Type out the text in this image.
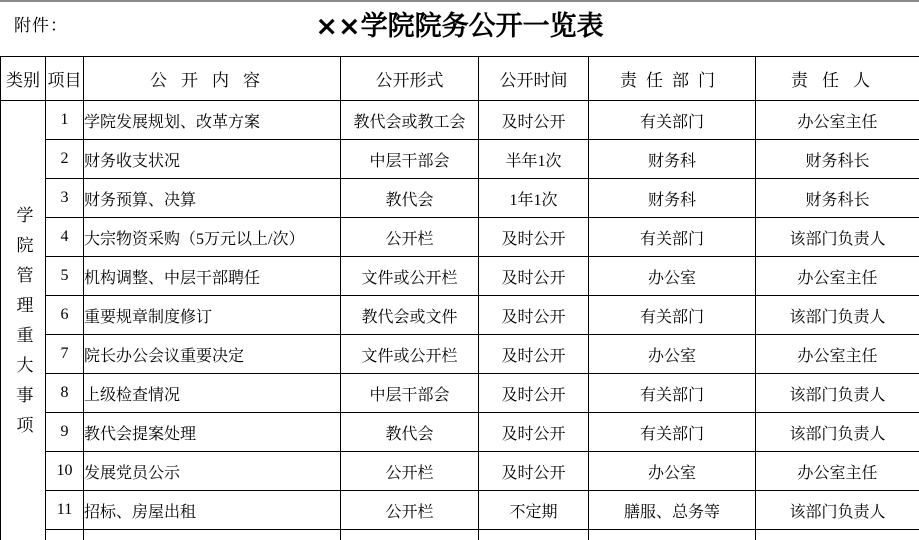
附件：	××学院院务公开一览表
类别	项目	公开内容	公开形式	公开时间	责任部门	责任人

学院管理重大事项	1	学院发展规划、改革方案	教代会或教工会	及时公开	有关部门	办公室主任
	2	财务收支状况	中层干部会	半年1次	财务科	财务科长
	3	财务预算、决算	教代会	1年1次	财务科	财务科长
	4	大宗物资采购（5万元以上/次）	公开栏	及时公开	有关部门	该部门负责人
	5	机构调整、中层干部聘任	文件或公开栏	及时公开	办公室	办公室主任
	6	重要规章制度修订	教代会或文件	及时公开	有关部门	该部门负责人
	7	院长办公会议重要决定	文件或公开栏	及时公开	办公室	办公室主任
	8	上级检查情况	中层干部会	及时公开	有关部门	该部门负责人
	9	教代会提案处理	教代会	及时公开	有关部门	该部门负责人
	10	发展党员公示	公开栏	及时公开	办公室	办公室主任
	11	招标、房屋出租	公开栏	不定期	膳服、总务等	该部门负责人
